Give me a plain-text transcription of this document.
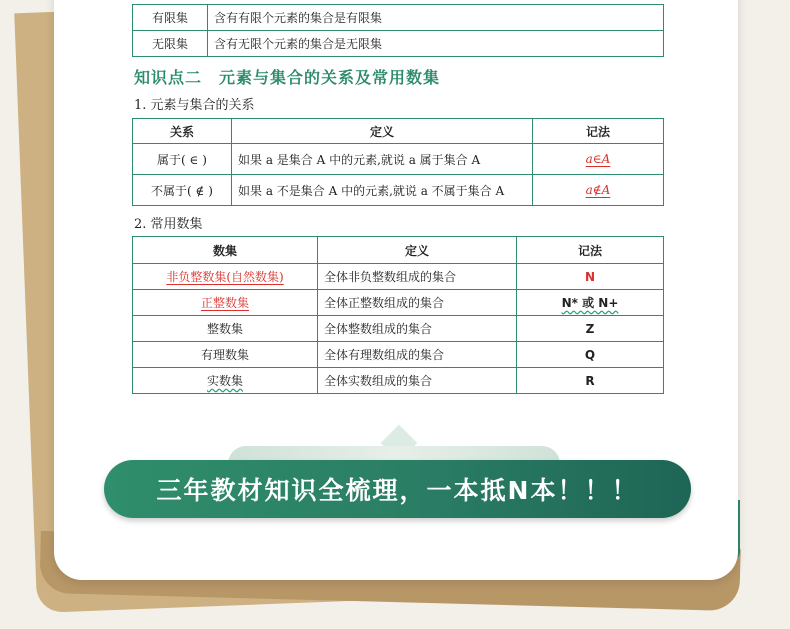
有限集	含有有限个元素的集合是有限集
无限集	含有无限个元素的集合是无限集
知识点二　元素与集合的关系及常用数集
1. 元素与集合的关系
关系	定义	记法
属于( ∈ )	如果 a 是集合 A 中的元素,就说 a 属于集合 A	a∈A
不属于( ∉ )	如果 a 不是集合 A 中的元素,就说 a 不属于集合 A	a∉A
2. 常用数集
数集	定义	记法
非负整数集(自然数集)	全体非负整数组成的集合	N
正整数集	全体正整数组成的集合	N* 或 N+
整数集	全体整数组成的集合	Z
有理数集	全体有理数组成的集合	Q
实数集	全体实数组成的集合	R
三年教材知识全梳理，一本抵N本！！！
